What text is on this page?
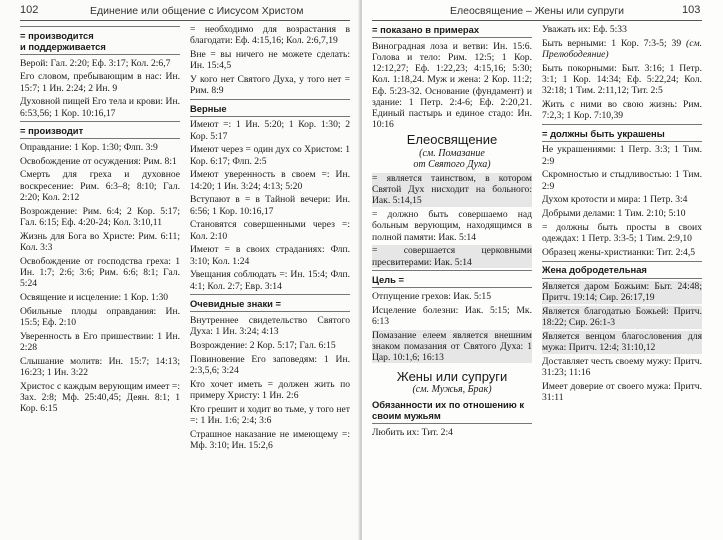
102	Единение или общение с Иисусом Христом
= производится
и поддерживается
Верой: Гал. 2:20; Еф. 3:17; Кол. 2:6,7
Его словом, пребывающим в нас: Ин. 15:7; 1 Ин. 2:24; 2 Ин. 9
Духовной пищей Его тела и крови: Ин. 6:53,56; 1 Кор. 10:16,17
= производит
Оправдание: 1 Кор. 1:30; Флп. 3:9
Освобождение от осуждения: Рим. 8:1
Смерть для греха и духовное воскресение: Рим. 6:3–8; 8:10; Гал. 2:20; Кол. 2:12
Возрождение: Рим. 6:4; 2 Кор. 5:17; Гал. 6:15; Еф. 4:20-24; Кол. 3:10,11
Жизнь для Бога во Христе: Рим. 6:11; Кол. 3:3
Освобождение от господства греха: 1 Ин. 1:7; 2:6; 3:6; Рим. 6:6; 8:1; Гал. 5:24
Освящение и исцеление: 1 Кор. 1:30
Обильные плоды оправдания: Ин. 15:5; Еф. 2:10
Уверенность в Его пришествии: 1 Ин. 2:28
Слышание молитв: Ин. 15:7; 14:13; 16:23; 1 Ин. 3:22
Христос с каждым верующим имеет =: Зах. 2:8; Мф. 25:40,45; Деян. 8:1; 1 Кор. 6:15
= необходимо для возрастания в благодати: Еф. 4:15,16; Кол. 2:6,7,19
Вне = вы ничего не можете сделать: Ин. 15:4,5
У кого нет Святого Духа, у того нет = Рим. 8:9
Верные
Имеют =: 1 Ин. 5:20; 1 Кор. 1:30; 2 Кор. 5:17
Имеют через = один дух со Христом: 1 Кор. 6:17; Флп. 2:5
Имеют уверенность в своем =: Ин. 14:20; 1 Ин. 3:24; 4:13; 5:20
Вступают в = в Тайной вечери: Ин. 6:56; 1 Кор. 10:16,17
Становятся совершенными через =: Кол. 2:10
Имеют = в своих страданиях: Флп. 3:10; Кол. 1:24
Увещания соблюдать =: Ин. 15:4; Флп. 4:1; Кол. 2:7; Евр. 3:14
Очевидные знаки =
Внутреннее свидетельство Святого Духа: 1 Ин. 3:24; 4:13
Возрождение: 2 Кор. 5:17; Гал. 6:15
Повиновение Его заповедям: 1 Ин. 2:3,5,6; 3:24
Кто хочет иметь = должен жить по примеру Христу: 1 Ин. 2:6
Кто грешит и ходит во тьме, у того нет =: 1 Ин. 1:6; 2:4; 3:6
Страшное наказание не имеющему =: Мф. 3:10; Ин. 15:2,6
Елеосвящение – Жены или супруги	103
= показано в примерах
Виноградная лоза и ветви: Ин. 15:6. Голова и тело: Рим. 12:5; 1 Кор. 12:12,27; Еф. 1:22,23; 4:15,16; 5:30; Кол. 1:18,24. Муж и жена: 2 Кор. 11:2; Еф. 5:23-32. Основание (фундамент) и здание: 1 Петр. 2:4-6; Еф. 2:20,21. Единый пастырь и единое стадо: Ин. 10:16
Елеосвящение
(см. Помазание
от Святого Духа)
= является таинством, в котором Святой Дух нисходит на больного: Иак. 5:14,15
= должно быть совершаемо над больным верующим, находящимся в полной памяти: Иак. 5:14
= совершается церковными пресвитерами: Иак. 5:14
Цель =
Отпущение грехов: Иак. 5:15
Исцеление болезни: Иак. 5:15; Мк. 6:13
Помазание елеем является внешним знаком помазания от Святого Духа: 1 Цар. 10:1,6; 16:13
Жены или супруги
(см. Мужья, Брак)
Обязанности их по отношению к своим мужьям
Любить их: Тит. 2:4
Уважать их: Еф. 5:33
Быть верными: 1 Кор. 7:3-5; 39 (см. Прелюбодеяние)
Быть покорными: Быт. 3:16; 1 Петр. 3:1; 1 Кор. 14:34; Еф. 5:22,24; Кол. 32:18; 1 Тим. 2:11,12; Тит. 2:5
Жить с ними во свою жизнь: Рим. 7:2,3; 1 Кор. 7:10,39
= должны быть украшены
Не украшениями: 1 Петр. 3:3; 1 Тим. 2:9
Скромностью и стыдливостью: 1 Тим. 2:9
Духом кротости и мира: 1 Петр. 3:4
Добрыми делами: 1 Тим. 2:10; 5:10
= должны быть просты в своих одеждах: 1 Петр. 3:3-5; 1 Тим. 2:9,10
Образец жены-христианки: Тит. 2:4,5
Жена добродетельная
Является даром Божьим: Быт. 24:48; Притч. 19:14; Сир. 26:17,19
Является благодатью Божьей: Притч. 18:22; Сир. 26:1-3
Является венцом благословения для мужа: Притч. 12:4; 31:10,12
Доставляет честь своему мужу: Притч. 31:23; 11:16
Имеет доверие от своего мужа: Притч. 31:11
